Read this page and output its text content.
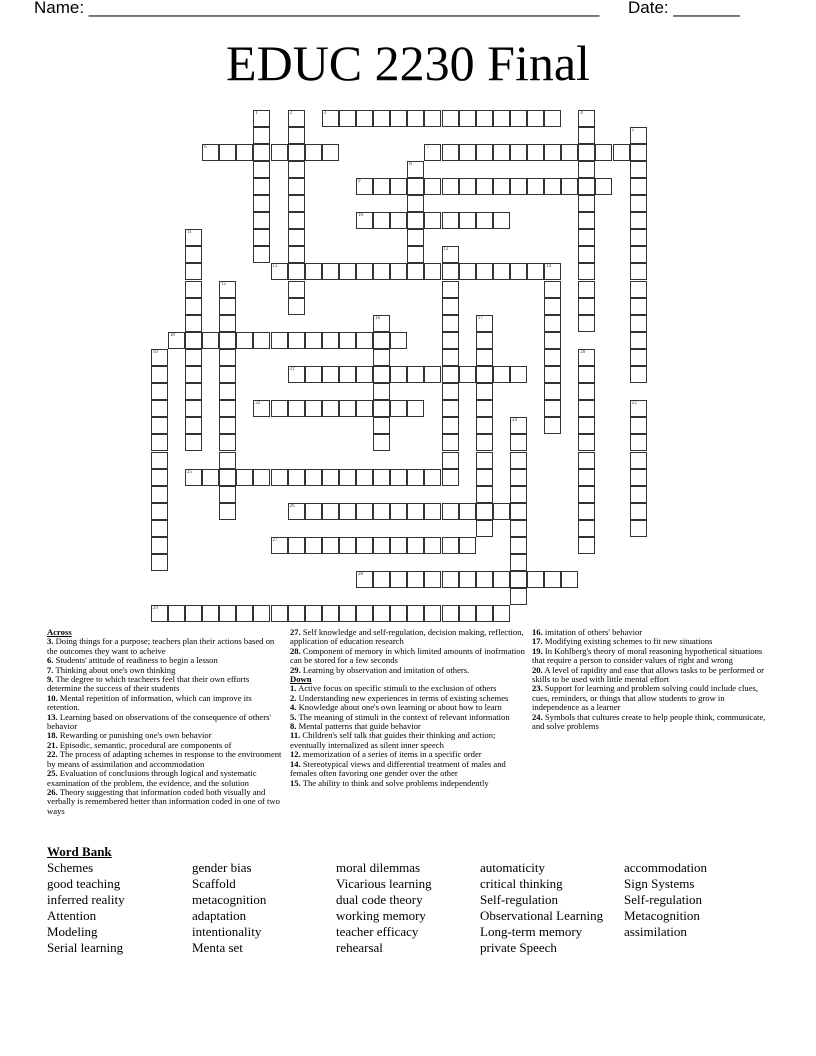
Name: ______________________________________________________ Date: _______
EDUC 2230 Final
1	2	3	4
5
6	7
8
9
10
11
12
13	14
15
16	17
18
19	20
21
22	23
24
25
26
27
28
29

Across

3. Doing things for a purpose; teachers plan their actions based on the outcomes they want to acheive

6. Students' attitude of readiness to begin a lesson

7. Thinking about one's own thinking

9. The degree to which teacheers feel that their own efforts determine the success of their students

10. Mental repetition of information, which can improve its retention.

13. Learning based on observations of the consequence of others' behavior

18. Rewarding or punishing one's own behavior

21. Episodic, semantic, procedural are components of

22. The process of adapting schemes in response to the environment by means of assimilation and accommodation

25. Evaluation of conclusions through logical and systematic examination of the problem, the evidence, and the solution

26. Theory suggesting that information coded both visually and verbally is remembered better than information coded in one of two ways

27. Self knowledge and self-regulation, decision making, reflection, application of education research

28. Component of memory in which limited amounts of inofrmation can be stored for a few seconds

29. Learning by observation and imitation of others.

Down

1. Active focus on specific stimuli to the exclusion of others

2. Understanding new experiences in terms of existing schemes

4. Knowledge about one's own learning or about how to learn

5. The meaning of stimuli in the context of relevant information

8. Mental patterns that guide behavior

11. Children's self talk that guides their thinking and action; eventually internalized as silent inner speech

12. memorization of a series of items in a specific order

14. Stereotypical views and differential treatment of males and females often favoring one gender over the other

15. The ability to think and solve problems independently

16. imitation of others' behavior

17. Modifying existing schemes to fit new situations

19. In Kohlberg's theory of moral reasoning hypothetical situations that require a person to consider values of right and wrong

20. A level of rapidity and ease that allows tasks to be performed or skills to be used with little mental effort

23. Support for learning and problem solving could include clues, cues, reminders, or things that allow students to grow in independence as a learner

24. Symbols that cultures create to help people think, communicate, and solve problems

Word Bank
Schemes
good teaching
inferred reality
Attention
Modeling
Serial learning
gender bias
Scaffold
metacognition
adaptation
intentionality
Menta set
moral dilemmas
Vicarious learning
dual code theory
working memory
teacher efficacy
rehearsal
automaticity
critical thinking
Self-regulation
Observational Learning
Long-term memory
private Speech
accommodation
Sign Systems
Self-regulation
Metacognition
assimilation
